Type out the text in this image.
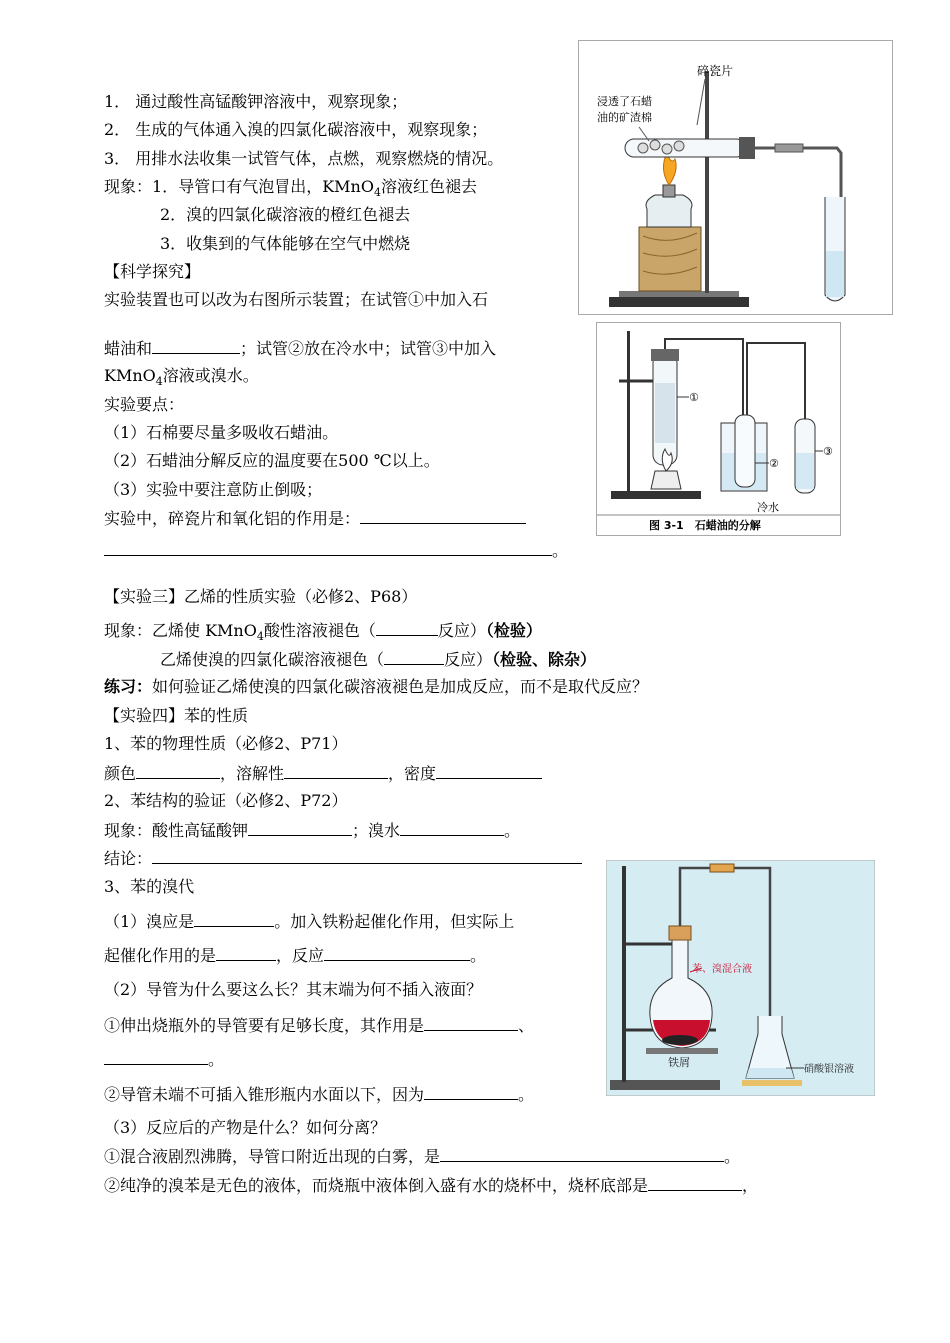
1． 通过酸性高锰酸钾溶液中，观察现象；
2． 生成的气体通入溴的四氯化碳溶液中，观察现象；
3． 用排水法收集一试管气体，点燃，观察燃烧的情况。
现象：1．导管口有气泡冒出，KMnO$_4$溶液红色褪去
2．溴的四氯化碳溶液的橙红色褪去
3．收集到的气体能够在空气中燃烧
【科学探究】
实验装置也可以改为右图所示装置；在试管①中加入石
蜡油和	；试管②放在冷水中；试管③中加入
KMnO$_4$溶液或溴水。
实验要点：
（1）石棉要尽量多吸收石蜡油。
（2）石蜡油分解反应的温度要在500 ℃以上。
（3）实验中要注意防止倒吸；
实验中，碎瓷片和氧化铝的作用是：
。
【实验三】乙烯的性质实验（必修2、P68）
现象：乙烯使 KMnO$_4$酸性溶液褪色（	反应）（检验）
乙烯使溴的四氯化碳溶液褪色（	反应）（检验、除杂）
练习：如何验证乙烯使溴的四氯化碳溶液褪色是加成反应，而不是取代反应？
【实验四】苯的性质
1、苯的物理性质（必修2、P71）
颜色	，溶解性	，密度
2、苯结构的验证（必修2、P72）
现象：酸性高锰酸钾	；溴水	。
结论：
3、苯的溴代
（1）溴应是	。加入铁粉起催化作用，但实际上
起催化作用的是	，反应	。
（2）导管为什么要这么长？其末端为何不插入液面？
①伸出烧瓶外的导管要有足够长度，其作用是	、
。
②导管未端不可插入锥形瓶内水面以下，因为	。
（3）反应后的产物是什么？如何分离？
①混合液剧烈沸腾，导管口附近出现的白雾，是	。
②纯净的溴苯是无色的液体，而烧瓶中液体倒入盛有水的烧杯中，烧杯底部是	，
碎瓷片
浸透了石蜡
油的矿渣棉
①
②
③
冷水
图 3-1　石蜡油的分解
苯、溴混合液
铁屑
硝酸银溶液
